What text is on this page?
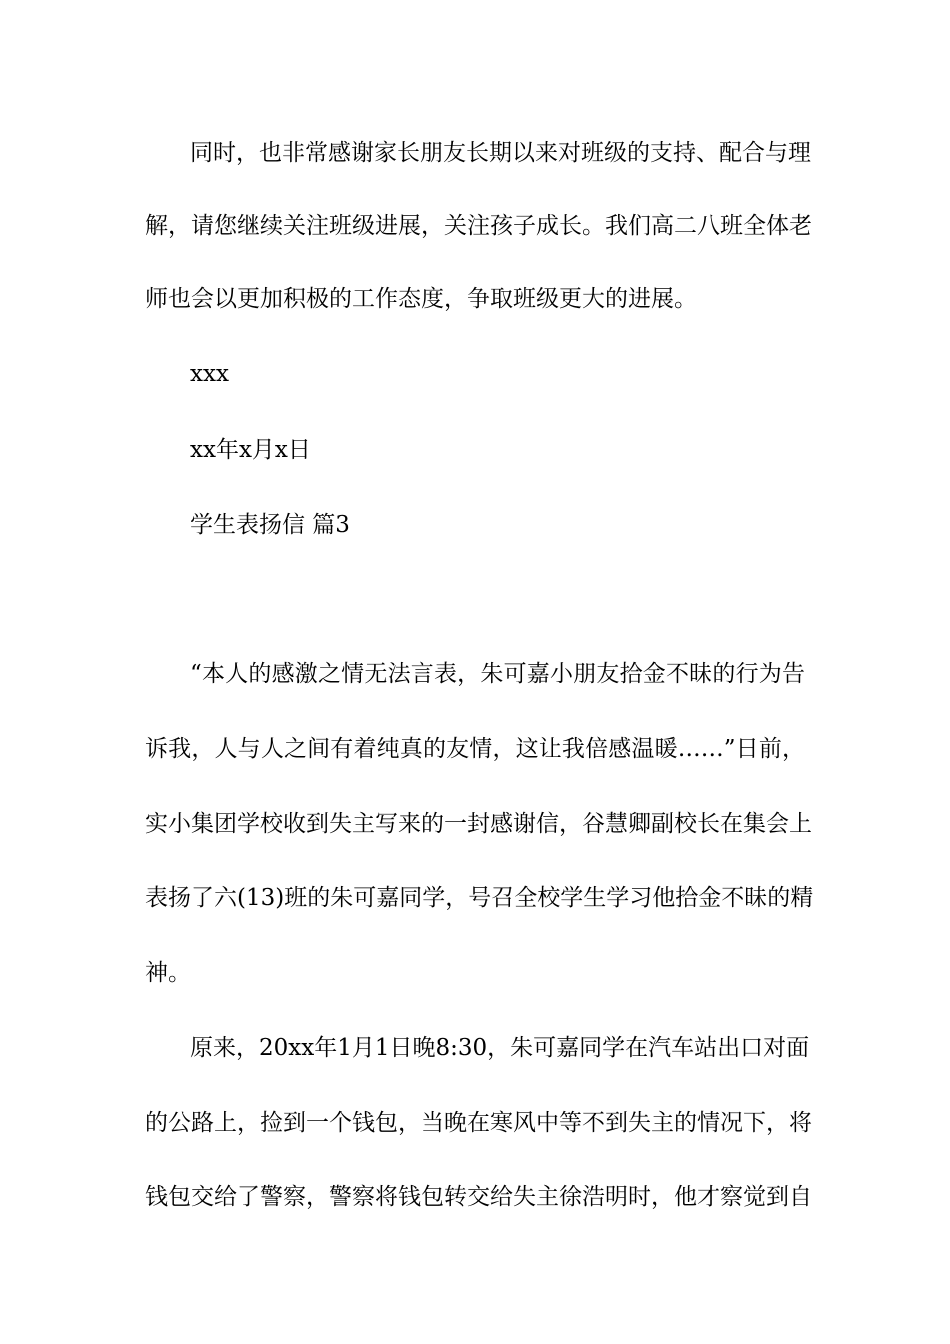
同时，也非常感谢家长朋友长期以来对班级的支持、配合与理
解，请您继续关注班级进展，关注孩子成长。我们高二八班全体老
师也会以更加积极的工作态度，争取班级更大的进展。
xxx
xx年x月x日
学生表扬信 篇3
“本人的感激之情无法言表，朱可嘉小朋友拾金不昧的行为告
诉我，人与人之间有着纯真的友情，这让我倍感温暖……”日前，
实小集团学校收到失主写来的一封感谢信，谷慧卿副校长在集会上
表扬了六(13)班的朱可嘉同学，号召全校学生学习他拾金不昧的精
神。
原来，20xx年1月1日晚8:30，朱可嘉同学在汽车站出口对面
的公路上，捡到一个钱包，当晚在寒风中等不到失主的情况下，将
钱包交给了警察，警察将钱包转交给失主徐浩明时，他才察觉到自
